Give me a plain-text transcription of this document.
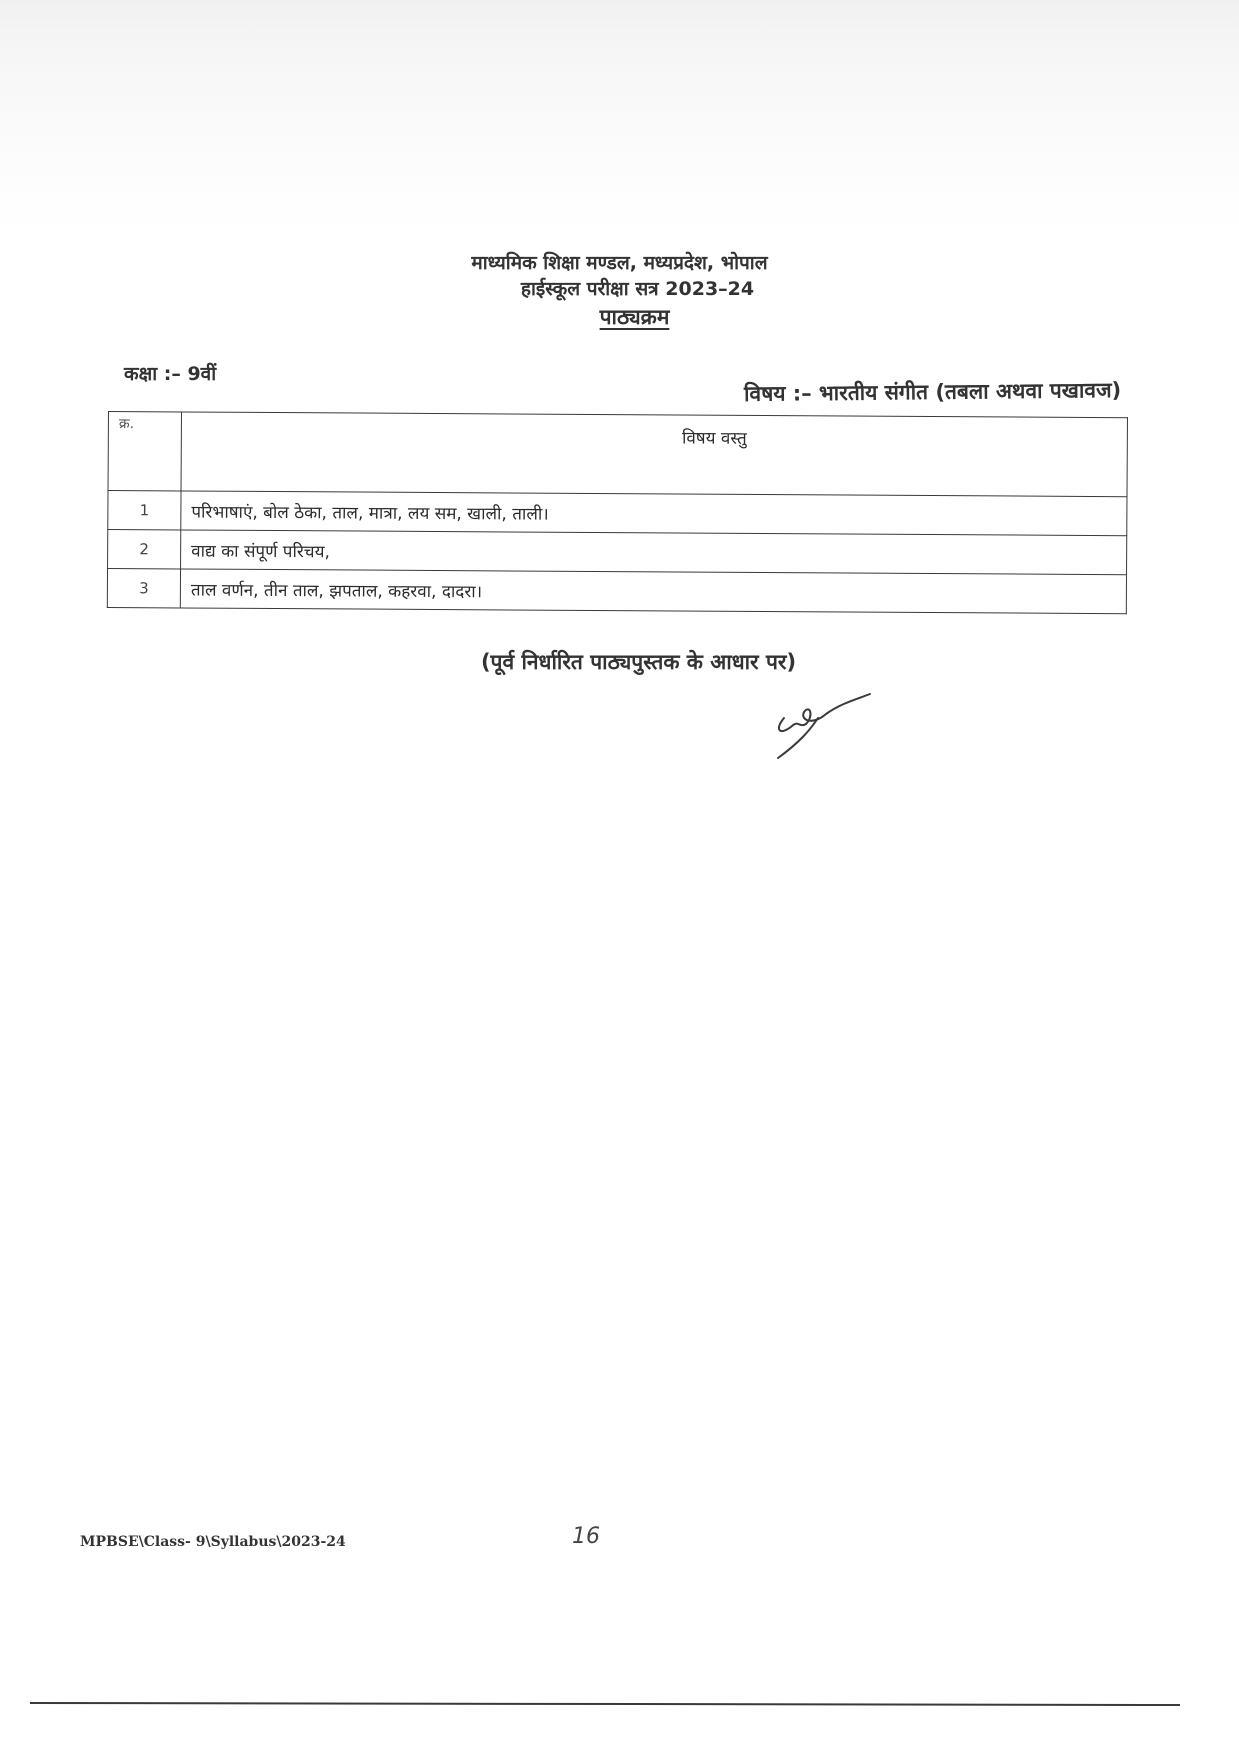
माध्यमिक शिक्षा मण्डल, मध्यप्रदेश, भोपाल
हाईस्कूल परीक्षा सत्र 2023–24
पाठ्यक्रम
कक्षा :– 9वीं
विषय :– भारतीय संगीत (तबला अथवा पखावज)
क्र.	विषय वस्तु
1	परिभाषाएं, बोल ठेका, ताल, मात्रा, लय सम, खाली, ताली।
2	वाद्य का संपूर्ण परिचय,
3	ताल वर्णन, तीन ताल, झपताल, कहरवा, दादरा।
(पूर्व निर्धारित पाठ्यपुस्तक के आधार पर)
MPBSE\Class- 9\Syllabus\2023-24	16
